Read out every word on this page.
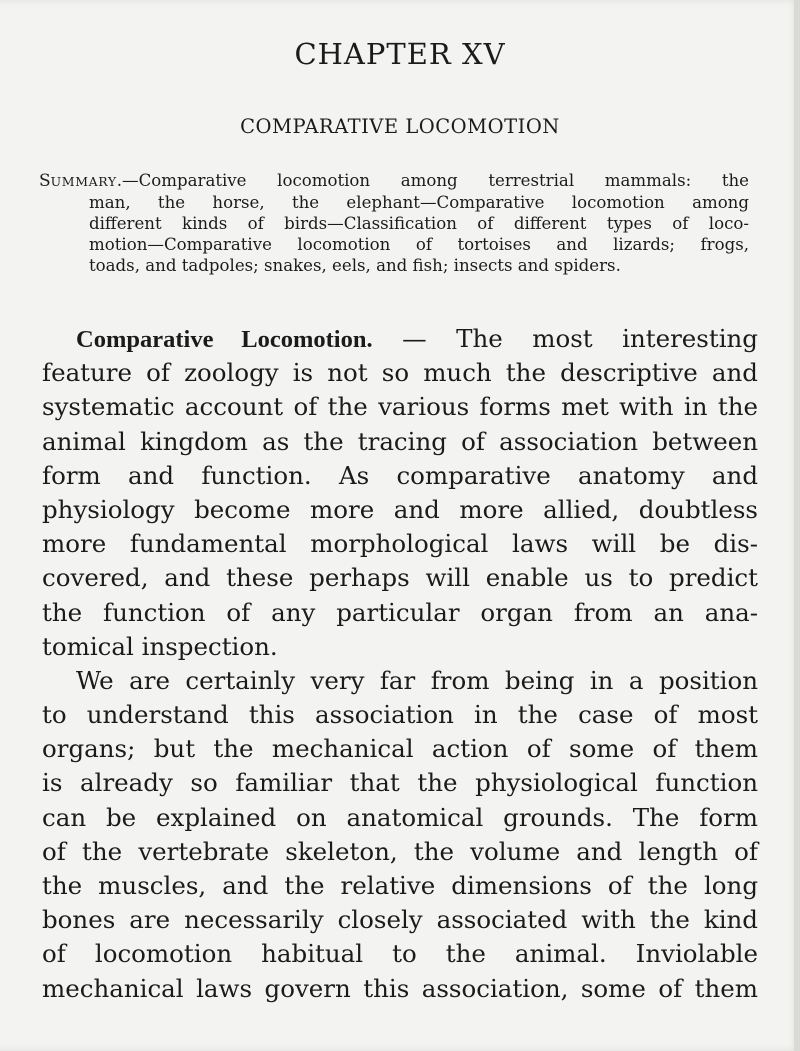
CHAPTER XV
COMPARATIVE LOCOMOTION
SUMMARY.—Comparative locomotion among terrestrial mammals: the
man, the horse, the elephant—Comparative locomotion among
different kinds of birds—Classification of different types of loco-
motion—Comparative locomotion of tortoises and lizards; frogs,
toads, and tadpoles; snakes, eels, and fish; insects and spiders.
Comparative Locomotion. — The most interesting
feature of zoology is not so much the descriptive and
systematic account of the various forms met with in the
animal kingdom as the tracing of association between
form and function. As comparative anatomy and
physiology become more and more allied, doubtless
more fundamental morphological laws will be dis-
covered, and these perhaps will enable us to predict
the function of any particular organ from an ana-
tomical inspection.
We are certainly very far from being in a position
to understand this association in the case of most
organs; but the mechanical action of some of them
is already so familiar that the physiological function
can be explained on anatomical grounds. The form
of the vertebrate skeleton, the volume and length of
the muscles, and the relative dimensions of the long
bones are necessarily closely associated with the kind
of locomotion habitual to the animal. Inviolable
mechanical laws govern this association, some of them
